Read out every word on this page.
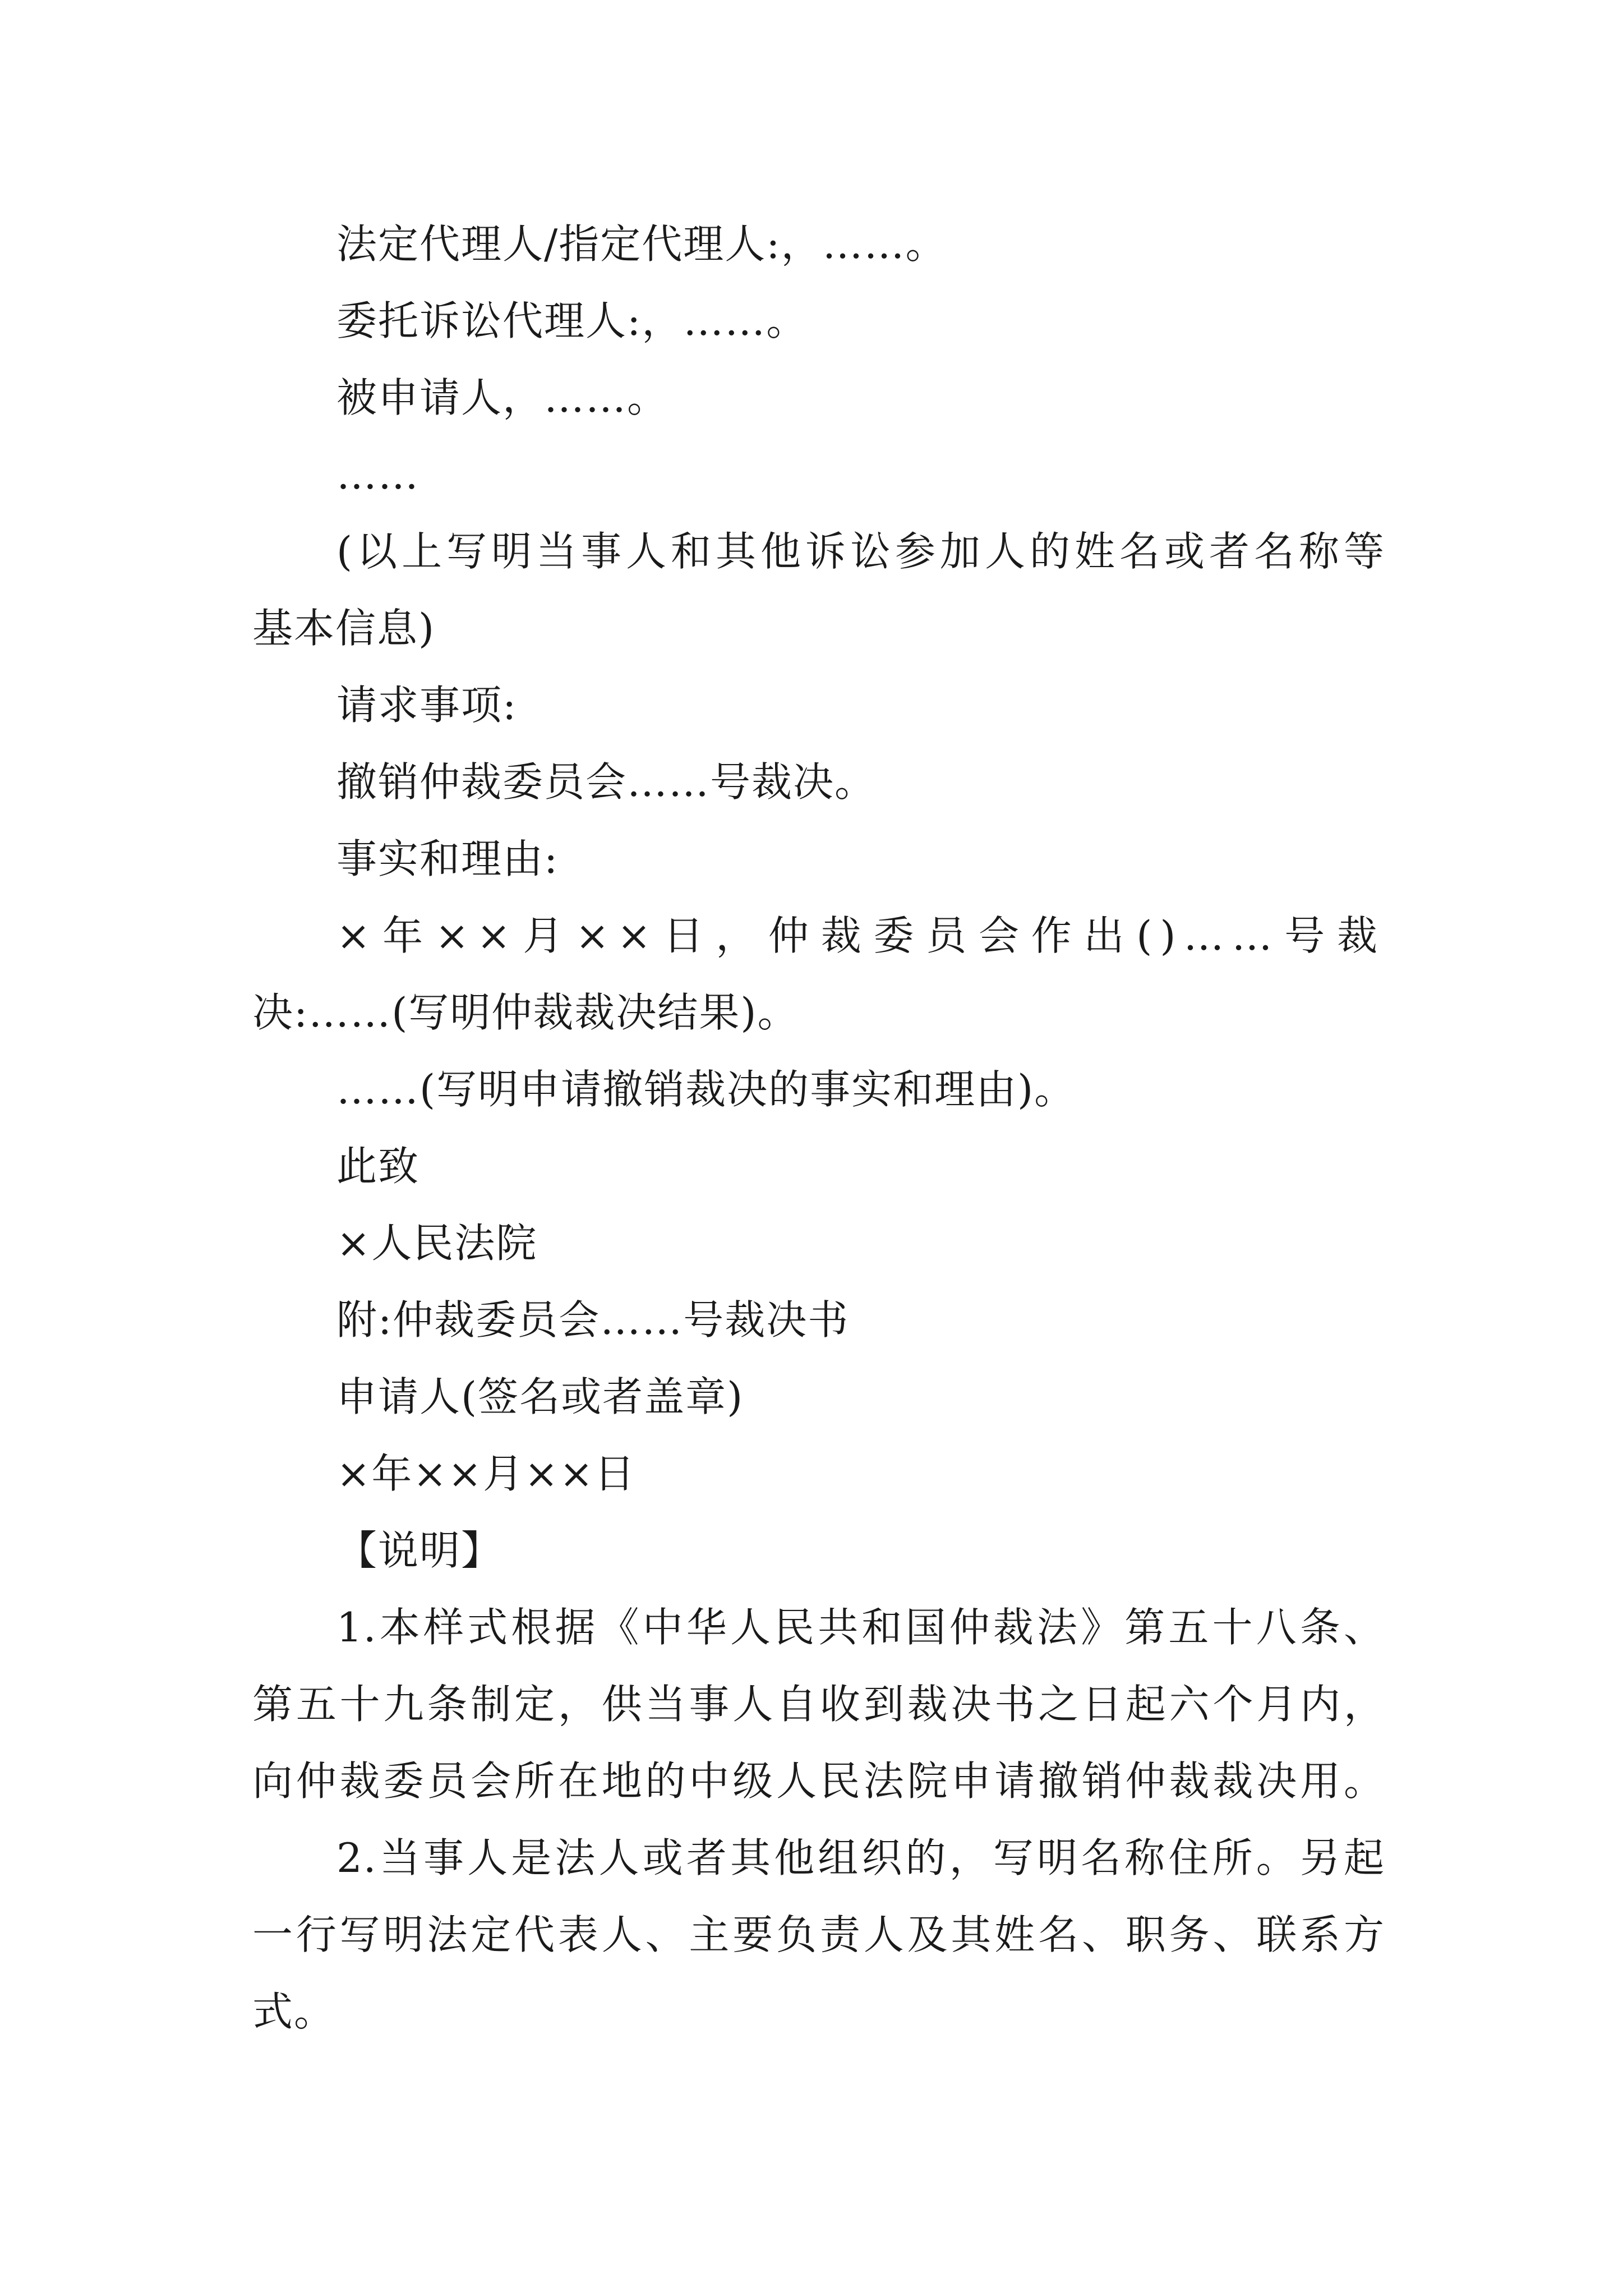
法定代理人/指定代理人:，……。
委托诉讼代理人:，……。
被申请人，……。
……
(以上写明当事人和其他诉讼参加人的姓名或者名称等
基本信息)
请求事项:
撤销仲裁委员会……号裁决。
事实和理由:
×年××月××日，仲裁委员会作出()……号裁
决:……(写明仲裁裁决结果)。
……(写明申请撤销裁决的事实和理由)。
此致
×人民法院
附:仲裁委员会……号裁决书
申请人(签名或者盖章)
×年××月××日
【说明】
1.本样式根据《中华人民共和国仲裁法》第五十八条、
第五十九条制定，供当事人自收到裁决书之日起六个月内，
向仲裁委员会所在地的中级人民法院申请撤销仲裁裁决用。
2.当事人是法人或者其他组织的，写明名称住所。另起
一行写明法定代表人、主要负责人及其姓名、职务、联系方
式。
